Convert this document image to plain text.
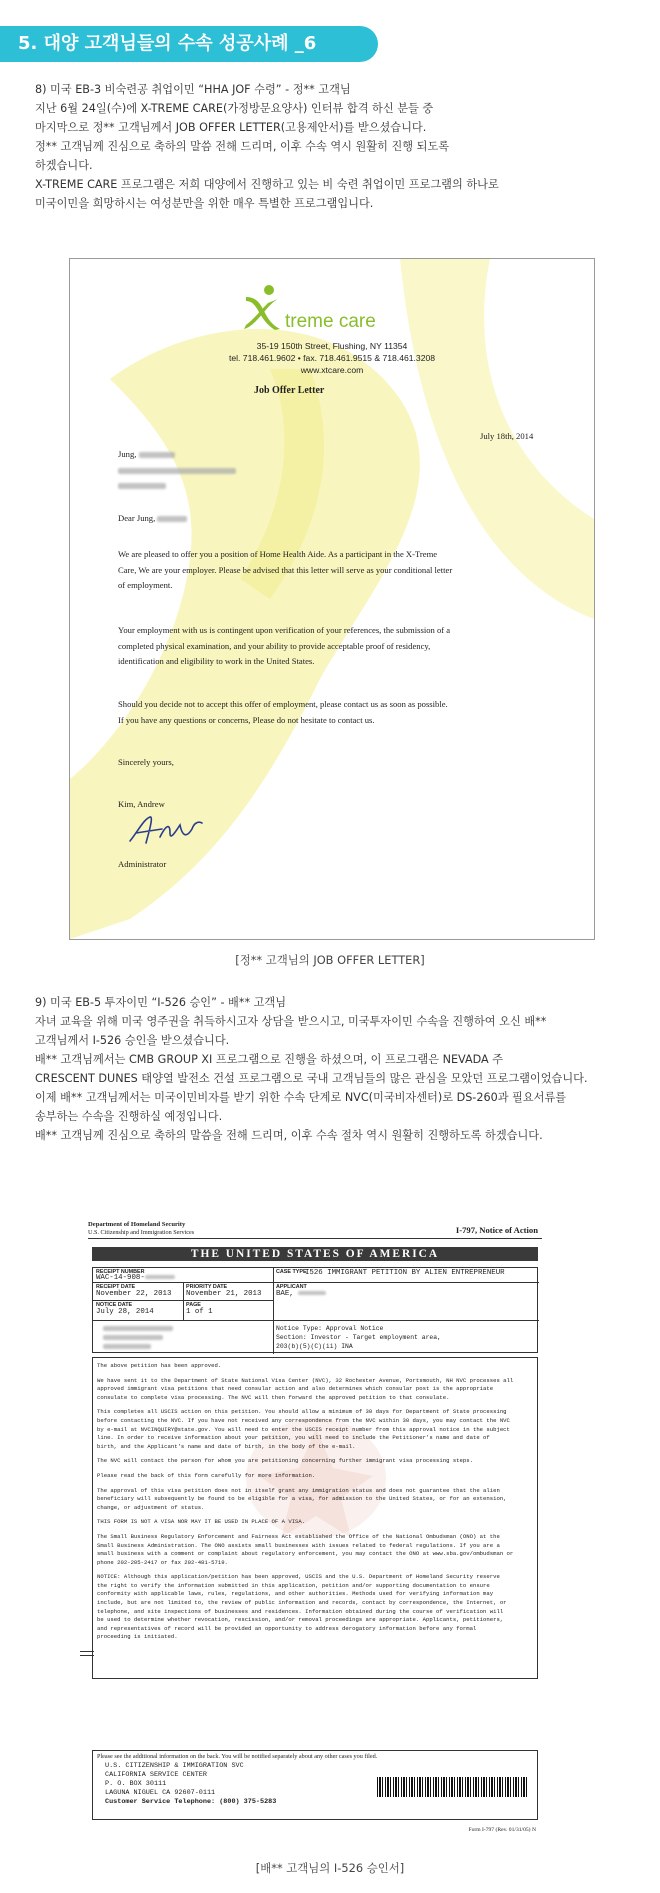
5. 대양 고객님들의 수속 성공사례 _6

8) 미국 EB-3 비숙련공 취업이민 “HHA JOF 수령” - 정** 고객님

지난 6월 24일(수)에 X-TREME CARE(가정방문요양사) 인터뷰 합격 하신 분들 중

마지막으로 정** 고객님께서 JOB OFFER LETTER(고용제안서)를 받으셨습니다.

정** 고객님께 진심으로 축하의 말씀 전해 드리며, 이후 수속 역시 원활히 진행 되도록

하겠습니다.

X-TREME CARE 프로그램은 저희 대양에서 진행하고 있는 비 숙련 취업이민 프로그램의 하나로

미국이민을 희망하시는 여성분만을 위한 매우 특별한 프로그램입니다.

treme care
35-19 150th Street, Flushing, NY 11354
tel. 718.461.9602 • fax. 718.461.9515 & 718.461.3208
www.xtcare.com
Job Offer Letter
July 18th, 2014
Jung,

Dear Jung,
We are pleased to offer you a position of Home Health Aide. As a participant in the X-Treme
Care, We are your employer. Please be advised that this letter will serve as your conditional letter
of employment.
Your employment with us is contingent upon verification of your references, the submission of a
completed physical examination, and your ability to provide acceptable proof of residency,
identification and eligibility to work in the United States.
Should you decide not to accept this offer of employment, please contact us as soon as possible.
If you have any questions or concerns, Please do not hesitate to contact us.
Sincerely yours,
Kim, Andrew
Administrator
[정** 고객님의 JOB OFFER LETTER]

9) 미국 EB-5 투자이민 “I-526 승인” - 배** 고객님

자녀 교육을 위해 미국 영주권을 취득하시고자 상담을 받으시고, 미국투자이민 수속을 진행하여 오신 배**

고객님께서 I-526 승인을 받으셨습니다.

배** 고객님께서는 CMB GROUP XI 프로그램으로 진행을 하셨으며, 이 프로그램은 NEVADA 주

CRESCENT DUNES 태양열 발전소 건설 프로그램으로 국내 고객님들의 많은 관심을 모았던 프로그램이었습니다.

이제 배** 고객님께서는 미국이민비자를 받기 위한 수속 단계로 NVC(미국비자센터)로 DS-260과 필요서류를

송부하는 수속을 진행하실 예정입니다.

배** 고객님께 진심으로 축하의 말씀을 전해 드리며, 이후 수속 절차 역시 원활히 진행하도록 하겠습니다.

Department of Homeland Security
U.S. Citizenship and Immigration Services	I-797, Notice of Action
THE UNITED STATES OF AMERICA
RECEIPT NUMBER
WAC-14-908-
CASE TYPE
I526 IMMIGRANT PETITION BY ALIEN ENTREPRENEUR
RECEIPT DATE
November 22, 2013
PRIORITY DATE
November 21, 2013
APPLICANT
BAE,
NOTICE DATE
July 28, 2014
PAGE
1 of 1
Notice Type: Approval Notice
Section: Investor - Target employment area,
203(b)(5)(C)(ii) INA
The above petition has been approved.
We have sent it to the Department of State National Visa Center (NVC), 32 Rochester Avenue, Portsmouth, NH NVC processes all
approved immigrant visa petitions that need consular action and also determines which consular post is the appropriate
consulate to complete visa processing. The NVC will then forward the approved petition to that consulate.
This completes all USCIS action on this petition. You should allow a minimum of 30 days for Department of State processing
before contacting the NVC. If you have not received any correspondence from the NVC within 30 days, you may contact the NVC
by e-mail at NVCINQUIRY@state.gov. You will need to enter the USCIS receipt number from this approval notice in the subject
line. In order to receive information about your petition, you will need to include the Petitioner's name and date of
birth, and the Applicant's name and date of birth, in the body of the e-mail.
The NVC will contact the person for whom you are petitioning concerning further immigrant visa processing steps.
Please read the back of this form carefully for more information.
The approval of this visa petition does not in itself grant any immigration status and does not guarantee that the alien
beneficiary will subsequently be found to be eligible for a visa, for admission to the United States, or for an extension,
change, or adjustment of status.
THIS FORM IS NOT A VISA NOR MAY IT BE USED IN PLACE OF A VISA.
The Small Business Regulatory Enforcement and Fairness Act established the Office of the National Ombudsman (ONO) at the
Small Business Administration. The ONO assists small businesses with issues related to federal regulations. If you are a
small business with a comment or complaint about regulatory enforcement, you may contact the ONO at www.sba.gov/ombudsman or
phone 202-205-2417 or fax 202-481-5719.
NOTICE: Although this application/petition has been approved, USCIS and the U.S. Department of Homeland Security reserve
the right to verify the information submitted in this application, petition and/or supporting documentation to ensure
conformity with applicable laws, rules, regulations, and other authorities. Methods used for verifying information may
include, but are not limited to, the review of public information and records, contact by correspondence, the Internet, or
telephone, and site inspections of businesses and residences. Information obtained during the course of verification will
be used to determine whether revocation, rescission, and/or removal proceedings are appropriate. Applicants, petitioners,
and representatives of record will be provided an opportunity to address derogatory information before any formal
proceeding is initiated.
Please see the additional information on the back. You will be notified separately about any other cases you filed.
U.S. CITIZENSHIP & IMMIGRATION SVC
CALIFORNIA SERVICE CENTER
P. O. BOX 30111
LAGUNA NIGUEL CA 92607-0111
Customer Service Telephone: (800) 375-5283
Form I-797 (Rev. 01/31/05) N
[배** 고객님의 I-526 승인서]
